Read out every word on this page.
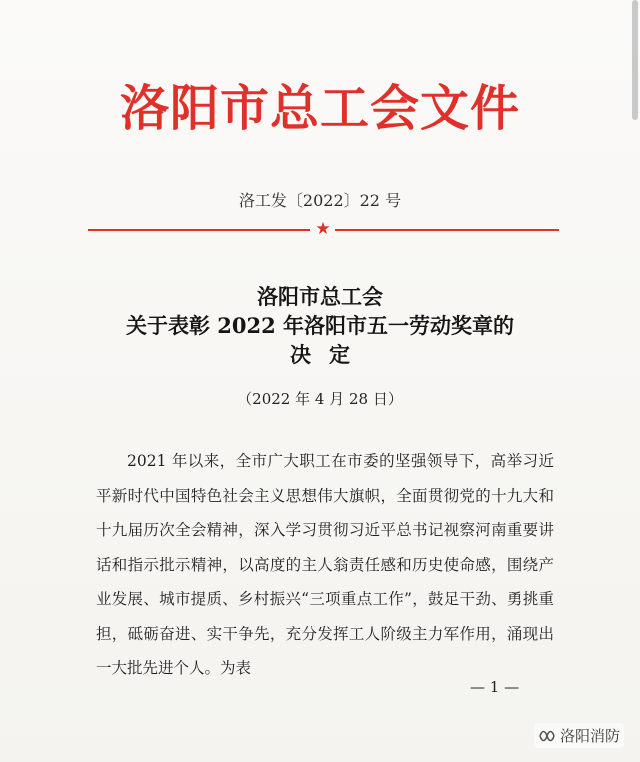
洛阳市总工会文件
洛工发〔2022〕22 号
★
洛阳市总工会
关于表彰 2022 年洛阳市五一劳动奖章的
决定
（2022 年 4 月 28 日）

2021 年以来，全市广大职工在市委的坚强领导下，高举习近平新时代中国特色社会主义思想伟大旗帜，全面贯彻党的十九大和十九届历次全会精神，深入学习贯彻习近平总书记视察河南重要讲话和指示批示精神，以高度的主人翁责任感和历史使命感，围绕产业发展、城市提质、乡村振兴“三项重点工作”，鼓足干劲、勇挑重担，砥砺奋进、实干争先，充分发挥工人阶级主力军作用，涌现出一大批先进个人。为表

— 1 —
洛阳消防
